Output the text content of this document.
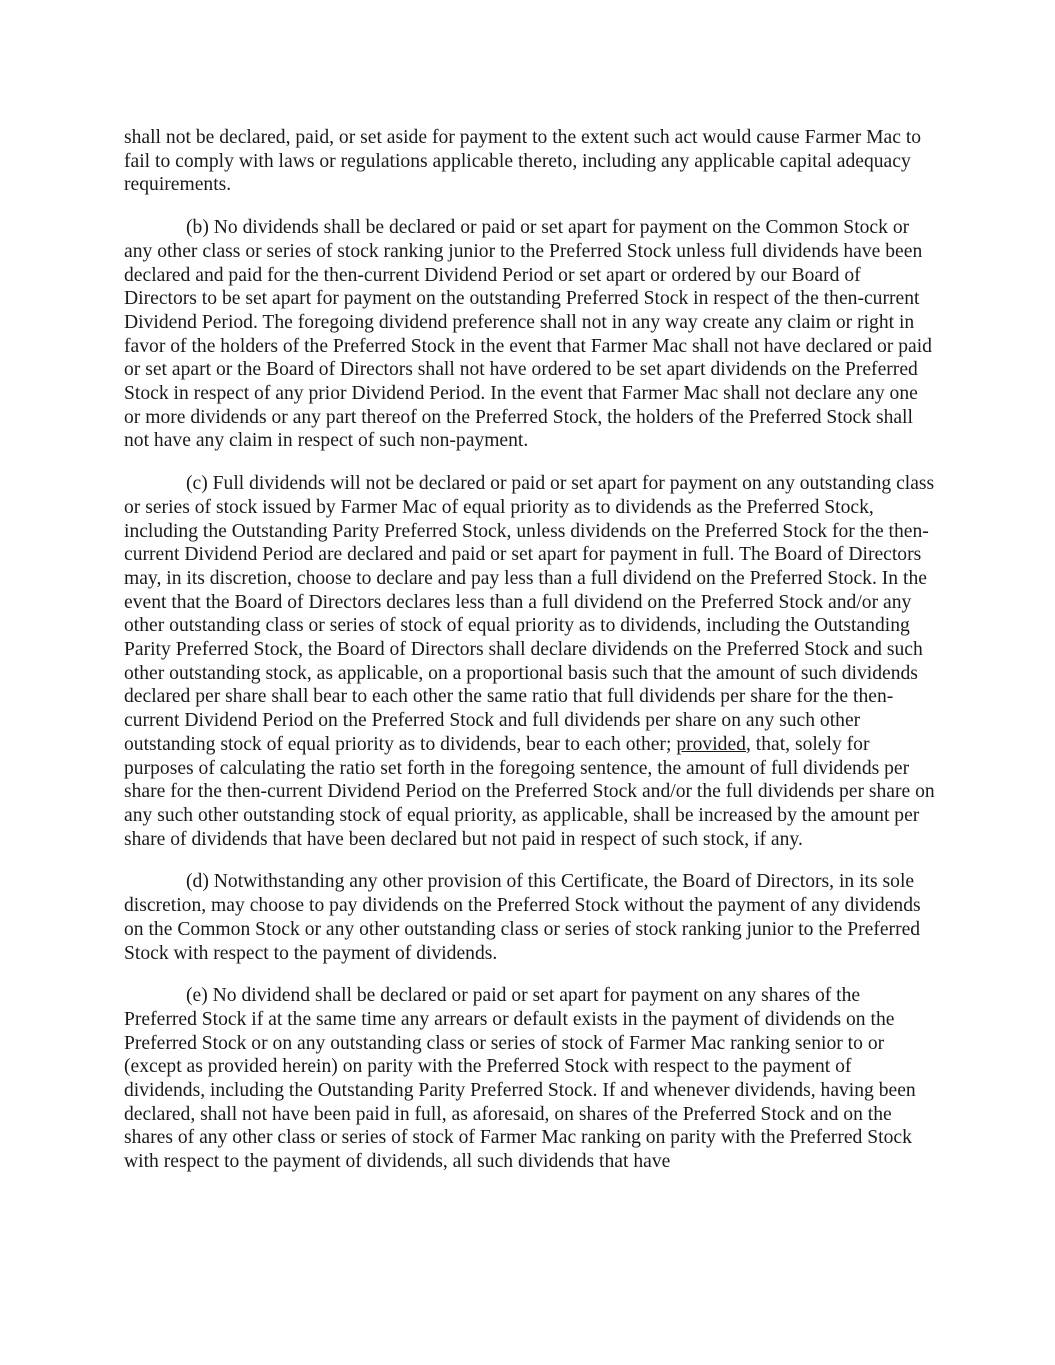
shall not be declared, paid, or set aside for payment to the extent such act would cause Farmer Mac to fail to comply with laws or regulations applicable thereto, including any applicable capital adequacy requirements.

(b) No dividends shall be declared or paid or set apart for payment on the Common Stock or any other class or series of stock ranking junior to the Preferred Stock unless full dividends have been declared and paid for the then-current Dividend Period or set apart or ordered by our Board of Directors to be set apart for payment on the outstanding Preferred Stock in respect of the then-current Dividend Period. The foregoing dividend preference shall not in any way create any claim or right in favor of the holders of the Preferred Stock in the event that Farmer Mac shall not have declared or paid or set apart or the Board of Directors shall not have ordered to be set apart dividends on the Preferred Stock in respect of any prior Dividend Period. In the event that Farmer Mac shall not declare any one or more dividends or any part thereof on the Preferred Stock, the holders of the Preferred Stock shall not have any claim in respect of such non-payment.

(c) Full dividends will not be declared or paid or set apart for payment on any outstanding class or series of stock issued by Farmer Mac of equal priority as to dividends as the Preferred Stock, including the Outstanding Parity Preferred Stock, unless dividends on the Preferred Stock for the then-current Dividend Period are declared and paid or set apart for payment in full. The Board of Directors may, in its discretion, choose to declare and pay less than a full dividend on the Preferred Stock. In the event that the Board of Directors declares less than a full dividend on the Preferred Stock and/or any other outstanding class or series of stock of equal priority as to dividends, including the Outstanding Parity Preferred Stock, the Board of Directors shall declare dividends on the Preferred Stock and such other outstanding stock, as applicable, on a proportional basis such that the amount of such dividends declared per share shall bear to each other the same ratio that full dividends per share for the then-current Dividend Period on the Preferred Stock and full dividends per share on any such other outstanding stock of equal priority as to dividends, bear to each other; provided, that, solely for purposes of calculating the ratio set forth in the foregoing sentence, the amount of full dividends per share for the then-current Dividend Period on the Preferred Stock and/or the full dividends per share on any such other outstanding stock of equal priority, as applicable, shall be increased by the amount per share of dividends that have been declared but not paid in respect of such stock, if any.

(d) Notwithstanding any other provision of this Certificate, the Board of Directors, in its sole discretion, may choose to pay dividends on the Preferred Stock without the payment of any dividends on the Common Stock or any other outstanding class or series of stock ranking junior to the Preferred Stock with respect to the payment of dividends.

(e) No dividend shall be declared or paid or set apart for payment on any shares of the Preferred Stock if at the same time any arrears or default exists in the payment of dividends on the Preferred Stock or on any outstanding class or series of stock of Farmer Mac ranking senior to or (except as provided herein) on parity with the Preferred Stock with respect to the payment of dividends, including the Outstanding Parity Preferred Stock. If and whenever dividends, having been declared, shall not have been paid in full, as aforesaid, on shares of the Preferred Stock and on the shares of any other class or series of stock of Farmer Mac ranking on parity with the Preferred Stock with respect to the payment of dividends, all such dividends that have
